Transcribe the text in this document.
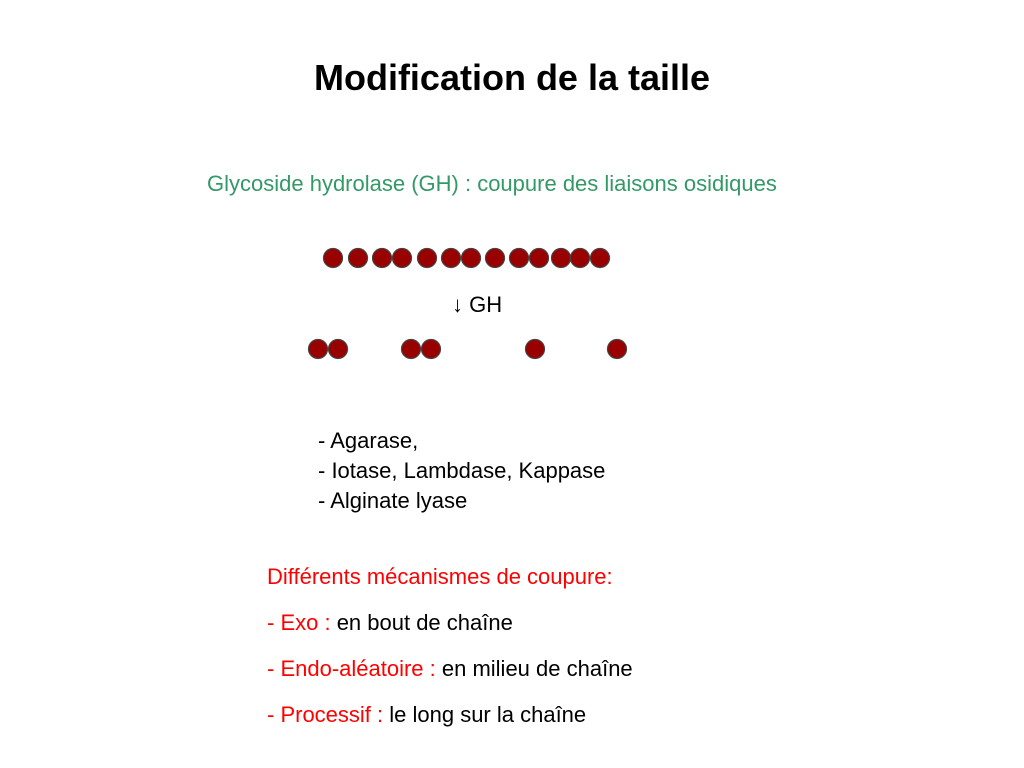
Modification de la taille
Glycoside hydrolase (GH) : coupure des liaisons osidiques
↓ GH
- Agarase,
- Iotase, Lambdase, Kappase
- Alginate lyase
Différents mécanismes de coupure:
- Exo : en bout de chaîne
- Endo-aléatoire : en milieu de chaîne
- Processif : le long sur la chaîne
